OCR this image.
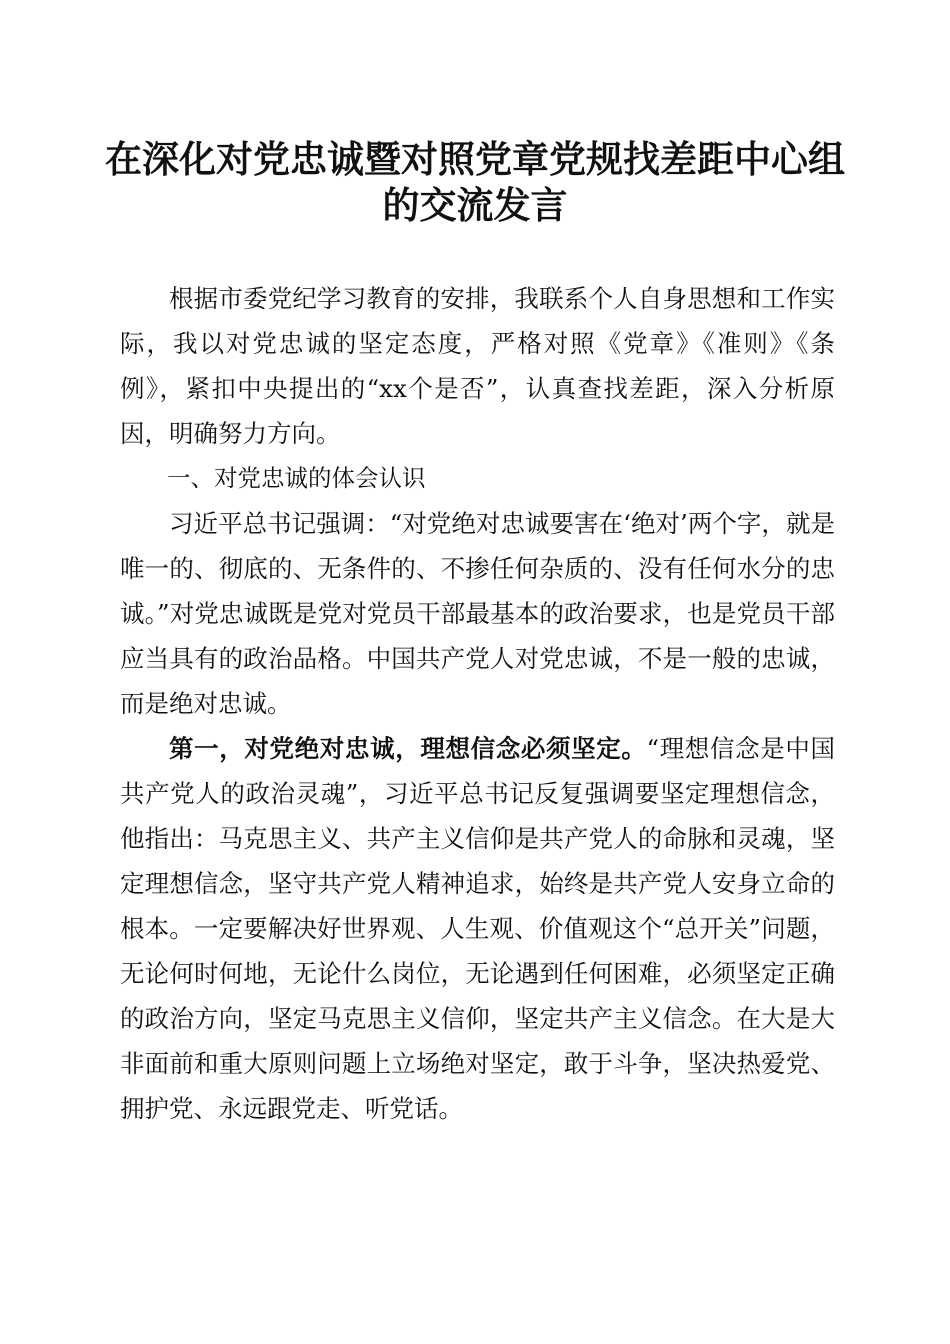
在深化对党忠诚暨对照党章党规找差距中心组
的交流发言

根据市委党纪学习教育的安排，我联系个人自身思想和工作实际，我以对党忠诚的坚定态度，严格对照《党章》《准则》《条例》，紧扣中央提出的“xx个是否”，认真查找差距，深入分析原因，明确努力方向。

一、对党忠诚的体会认识

习近平总书记强调：“对党绝对忠诚要害在‘绝对’两个字，就是唯一的、彻底的、无条件的、不掺任何杂质的、没有任何水分的忠诚。”对党忠诚既是党对党员干部最基本的政治要求，也是党员干部应当具有的政治品格。中国共产党人对党忠诚，不是一般的忠诚，而是绝对忠诚。

第一，对党绝对忠诚，理想信念必须坚定。“理想信念是中国共产党人的政治灵魂”，习近平总书记反复强调要坚定理想信念，他指出：马克思主义、共产主义信仰是共产党人的命脉和灵魂，坚定理想信念，坚守共产党人精神追求，始终是共产党人安身立命的根本。一定要解决好世界观、人生观、价值观这个“总开关”问题，无论何时何地，无论什么岗位，无论遇到任何困难，必须坚定正确的政治方向，坚定马克思主义信仰，坚定共产主义信念。在大是大非面前和重大原则问题上立场绝对坚定，敢于斗争，坚决热爱党、拥护党、永远跟党走、听党话。
